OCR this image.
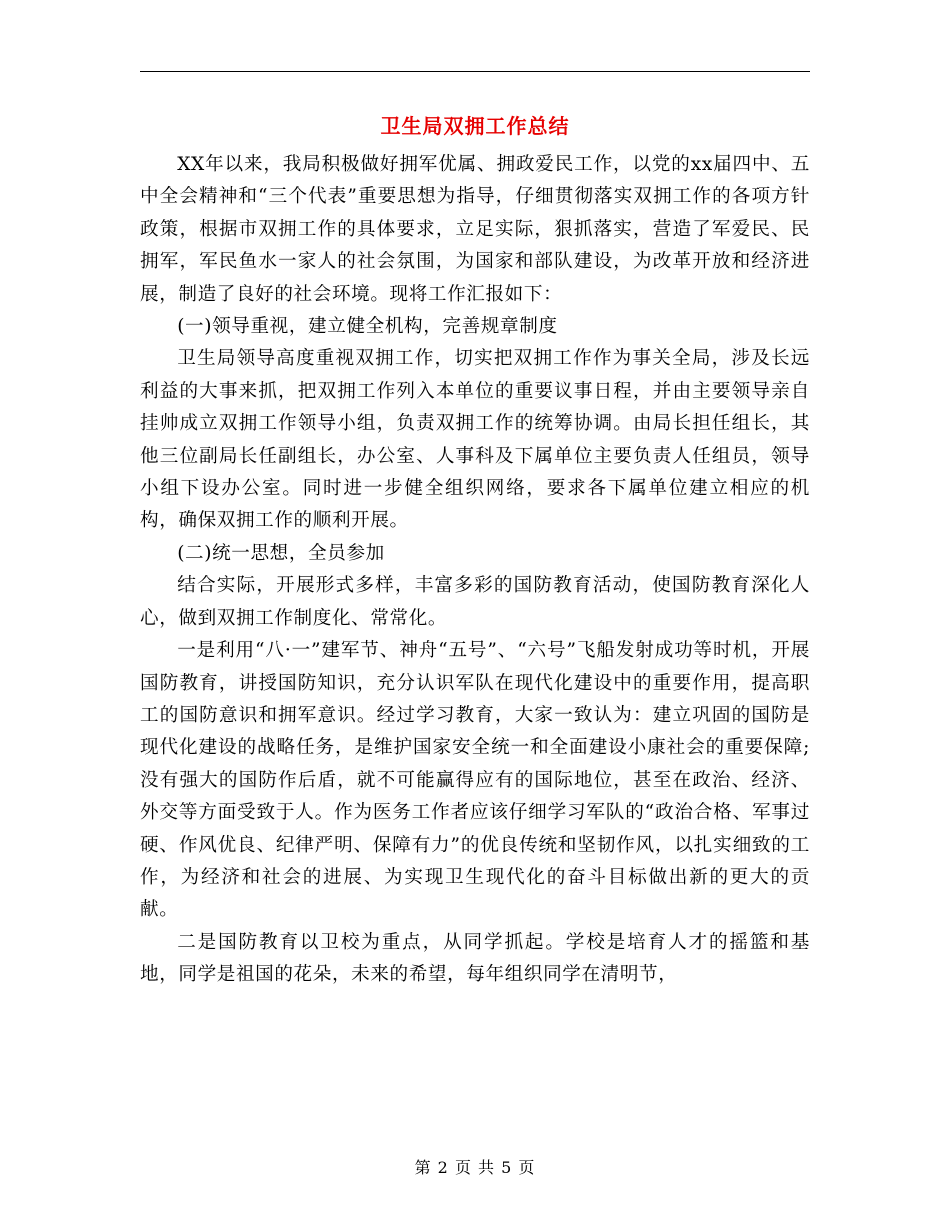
卫生局双拥工作总结

XX年以来，我局积极做好拥军优属、拥政爱民工作，以党的xx届四中、五中全会精神和“三个代表”重要思想为指导，仔细贯彻落实双拥工作的各项方针政策，根据市双拥工作的具体要求，立足实际，狠抓落实，营造了军爱民、民拥军，军民鱼水一家人的社会氛围，为国家和部队建设，为改革开放和经济进展，制造了良好的社会环境。现将工作汇报如下：

(一)领导重视，建立健全机构，完善规章制度

卫生局领导高度重视双拥工作，切实把双拥工作作为事关全局，涉及长远利益的大事来抓，把双拥工作列入本单位的重要议事日程，并由主要领导亲自挂帅成立双拥工作领导小组，负责双拥工作的统筹协调。由局长担任组长，其他三位副局长任副组长，办公室、人事科及下属单位主要负责人任组员，领导小组下设办公室。同时进一步健全组织网络，要求各下属单位建立相应的机构，确保双拥工作的顺利开展。

(二)统一思想，全员参加

结合实际，开展形式多样，丰富多彩的国防教育活动，使国防教育深化人心，做到双拥工作制度化、常常化。

一是利用“八·一”建军节、神舟“五号”、“六号”飞船发射成功等时机，开展国防教育，讲授国防知识，充分认识军队在现代化建设中的重要作用，提高职工的国防意识和拥军意识。经过学习教育，大家一致认为：建立巩固的国防是现代化建设的战略任务，是维护国家安全统一和全面建设小康社会的重要保障;没有强大的国防作后盾，就不可能赢得应有的国际地位，甚至在政治、经济、外交等方面受致于人。作为医务工作者应该仔细学习军队的“政治合格、军事过硬、作风优良、纪律严明、保障有力”的优良传统和坚韧作风，以扎实细致的工作，为经济和社会的进展、为实现卫生现代化的奋斗目标做出新的更大的贡献。

二是国防教育以卫校为重点，从同学抓起。学校是培育人才的摇篮和基地，同学是祖国的花朵，未来的希望，每年组织同学在清明节，

第 2 页 共 5 页
